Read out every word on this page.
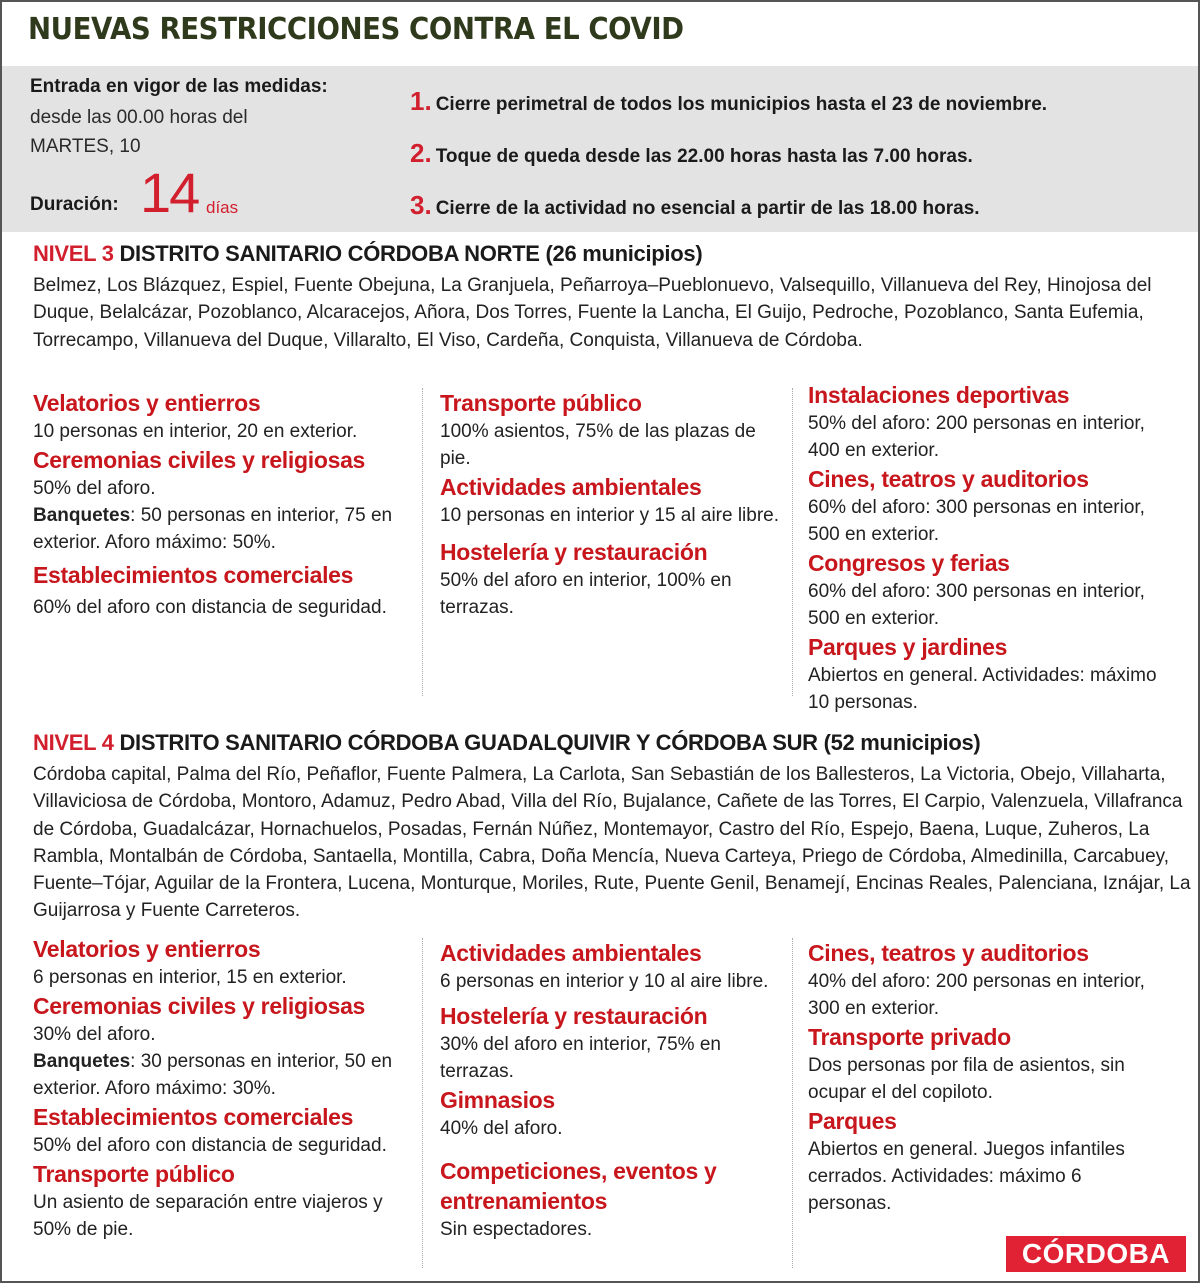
NUEVAS RESTRICCIONES CONTRA EL COVID
Entrada en vigor de las medidas:
desde las 00.00 horas del MARTES, 10
Duración: 14 días
1. Cierre perimetral de todos los municipios hasta el 23 de noviembre.
2. Toque de queda desde las 22.00 horas hasta las 7.00 horas.
3. Cierre de la actividad no esencial a partir de las 18.00 horas.
NIVEL 3 DISTRITO SANITARIO CÓRDOBA NORTE (26 municipios)
Belmez, Los Blázquez, Espiel, Fuente Obejuna, La Granjuela, Peñarroya–Pueblonuevo, Valsequillo, Villanueva del Rey, Hinojosa del Duque, Belalcázar, Pozoblanco, Alcaracejos, Añora, Dos Torres, Fuente la Lancha, El Guijo, Pedroche, Pozoblanco, Santa Eufemia, Torrecampo, Villanueva del Duque, Villaralto, El Viso, Cardeña, Conquista, Villanueva de Córdoba.
Velatorios y entierros
10 personas en interior, 20 en exterior.
Ceremonias civiles y religiosas
50% del aforo.
Banquetes: 50 personas en interior, 75 en exterior. Aforo máximo: 50%.
Establecimientos comerciales
60% del aforo con distancia de seguridad.
Transporte público
100% asientos, 75% de las plazas de pie.
Actividades ambientales
10 personas en interior y 15 al aire libre.
Hostelería y restauración
50% del aforo en interior, 100% en terrazas.
Instalaciones deportivas
50% del aforo: 200 personas en interior, 400 en exterior.
Cines, teatros y auditorios
60% del aforo: 300 personas en interior, 500 en exterior.
Congresos y ferias
60% del aforo: 300 personas en interior, 500 en exterior.
Parques y jardines
Abiertos en general. Actividades: máximo 10 personas.
NIVEL 4 DISTRITO SANITARIO CÓRDOBA GUADALQUIVIR Y CÓRDOBA SUR (52 municipios)
Córdoba capital, Palma del Río, Peñaflor, Fuente Palmera, La Carlota, San Sebastián de los Ballesteros, La Victoria, Obejo, Villaharta, Villaviciosa de Córdoba, Montoro, Adamuz, Pedro Abad, Villa del Río, Bujalance, Cañete de las Torres, El Carpio, Valenzuela, Villafranca de Córdoba, Guadalcázar, Hornachuelos, Posadas, Fernán Núñez, Montemayor, Castro del Río, Espejo, Baena, Luque, Zuheros, La Rambla, Montalbán de Córdoba, Santaella, Montilla, Cabra, Doña Mencía, Nueva Carteya, Priego de Córdoba, Almedinilla, Carcabuey, Fuente–Tójar, Aguilar de la Frontera, Lucena, Monturque, Moriles, Rute, Puente Genil, Benamejí, Encinas Reales, Palenciana, Iznájar, La Guijarrosa y Fuente Carreteros.
Velatorios y entierros
6 personas en interior, 15 en exterior.
Ceremonias civiles y religiosas
30% del aforo.
Banquetes: 30 personas en interior, 50 en exterior. Aforo máximo: 30%.
Establecimientos comerciales
50% del aforo con distancia de seguridad.
Transporte público
Un asiento de separación entre viajeros y 50% de pie.
Actividades ambientales
6 personas en interior y 10 al aire libre.
Hostelería y restauración
30% del aforo en interior, 75% en terrazas.
Gimnasios
40% del aforo.
Competiciones, eventos y entrenamientos
Sin espectadores.
Cines, teatros y auditorios
40% del aforo: 200 personas en interior, 300 en exterior.
Transporte privado
Dos personas por fila de asientos, sin ocupar el del copiloto.
Parques
Abiertos en general. Juegos infantiles cerrados. Actividades: máximo 6 personas.
CÓRDOBA
